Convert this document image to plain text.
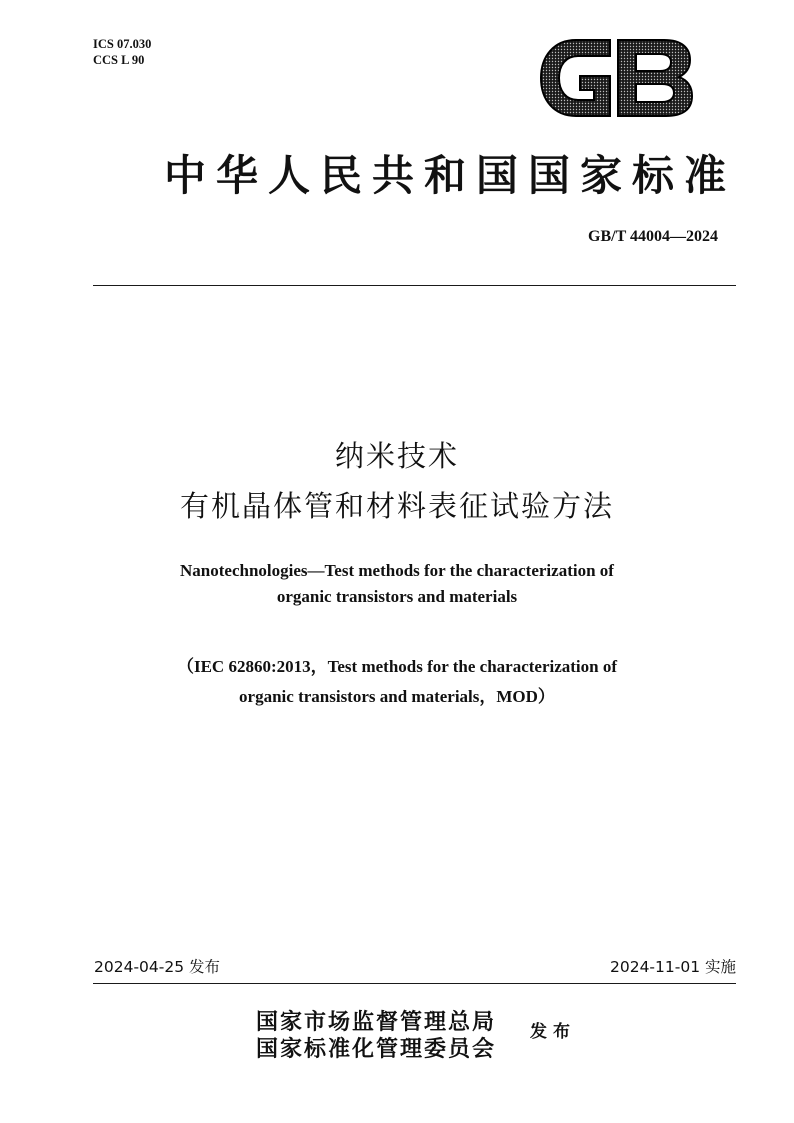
ICS 07.030
CCS L 90
中华人民共和国国家标准
GB/T 44004—2024
纳米技术
有机晶体管和材料表征试验方法
Nanotechnologies—Test methods for the characterization of
organic transistors and materials
（IEC 62860:2013，Test methods for the characterization of
organic transistors and materials，MOD）
2024-04-25 发布	2024-11-01 实施
国家市场监督管理总局
国家标准化管理委员会
发布
